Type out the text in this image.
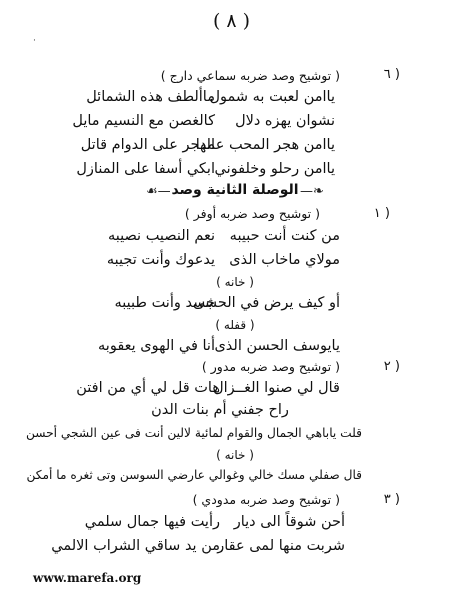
( ٨ )
·
( توشيح وصد ضربه سماعي دارج )	( ٦
ياامن لعبت به شمول
ماألطف هذه الشمائل
نشوان يهزه دلال
كالغصن مع النسيم مايل
ياامن هجر المحب عمدا
الهجر على الدوام قاتل
ياامن رحلو وخلفوني
ابكي أسفا على المنازل
—❧
الوصلة الثانية وصد
☙—
( توشيح وصد ضربه أوفر )	( ١
من كنت أنت حبيبه
نعم النصيب نصيبه
مولاي ماخاب الذى
يدعوك وأنت تجيبه
( خانه )
أو كيف يرض في الحشى
جسد وأنت طبيبه
( قفله )
يايوسف الحسن الذى
أنا في الهوى يعقوبه
( توشيح وصد ضربه مدور )	( ٢
قال لي صنوا الغــزال
هات قل لي أي من افتن
راح جفني أم بنات الدن
قلت ياباهي الجمال والقوام لمائية لالين أنت فى عين الشجي أحسن
( خانه )
قال صفلي مسك خالي وغوالي عارضي السوسن وتى ثغره ما أمكن
( توشيح وصد ضربه مدودي )	( ٣
أحن شوقاً الى ديار
رأيت فيها جمال سلمي
شربت منها لمى عقار
من يد ساقي الشراب الالمي
www.marefa.org
